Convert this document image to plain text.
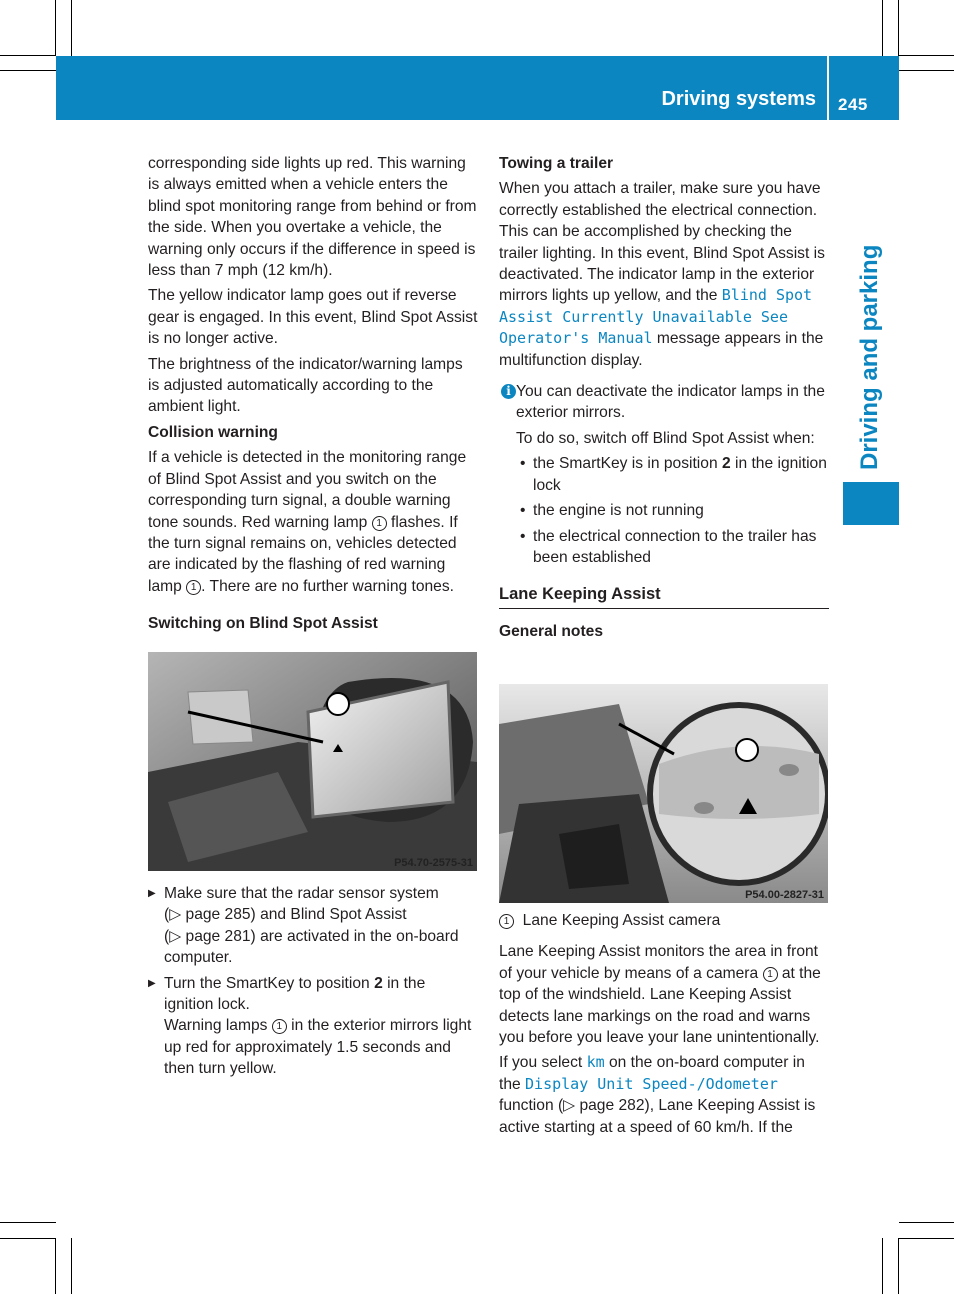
Driving systems 245
Driving and parking

corresponding side lights up red. This warning is always emitted when a vehicle enters the blind spot monitoring range from behind or from the side. When you overtake a vehicle, the warning only occurs if the difference in speed is less than 7 mph (12 km/h).

The yellow indicator lamp goes out if reverse gear is engaged. In this event, Blind Spot Assist is no longer active.

The brightness of the indicator/warning lamps is adjusted automatically according to the ambient light.

Collision warning

If a vehicle is detected in the monitoring range of Blind Spot Assist and you switch on the corresponding turn signal, a double warning tone sounds. Red warning lamp 1 flashes. If the turn signal remains on, vehicles detected are indicated by the flashing of red warning lamp 1 . There are no further warning tones.

Switching on Blind Spot Assist

P54.70-2575-31
▶ Make sure that the radar sensor system
(▷ page 285) and Blind Spot Assist
(▷ page 281) are activated in the on-board computer.
▶ Turn the SmartKey to position 2 in the ignition lock.
Warning lamps 1 in the exterior mirrors light up red for approximately 1.5 seconds and then turn yellow.

Towing a trailer

When you attach a trailer, make sure you have correctly established the electrical connection. This can be accomplished by checking the trailer lighting. In this event, Blind Spot Assist is deactivated. The indicator lamp in the exterior mirrors lights up yellow, and the Blind Spot Assist Currently Unavailable See Operator's Manual message appears in the multifunction display.

i You can deactivate the indicator lamps in the exterior mirrors.

To do so, switch off Blind Spot Assist when:

• the SmartKey is in position 2 in the ignition lock
• the engine is not running
• the electrical connection to the trailer has been established

Lane Keeping Assist

General notes

P54.00-2827-31

1 Lane Keeping Assist camera

Lane Keeping Assist monitors the area in front of your vehicle by means of a camera 1 at the top of the windshield. Lane Keeping Assist detects lane markings on the road and warns you before you leave your lane unintentionally.

If you select km on the on-board computer in the Display Unit Speed-/Odometer function (▷ page 282), Lane Keeping Assist is active starting at a speed of 60 km/h. If the
